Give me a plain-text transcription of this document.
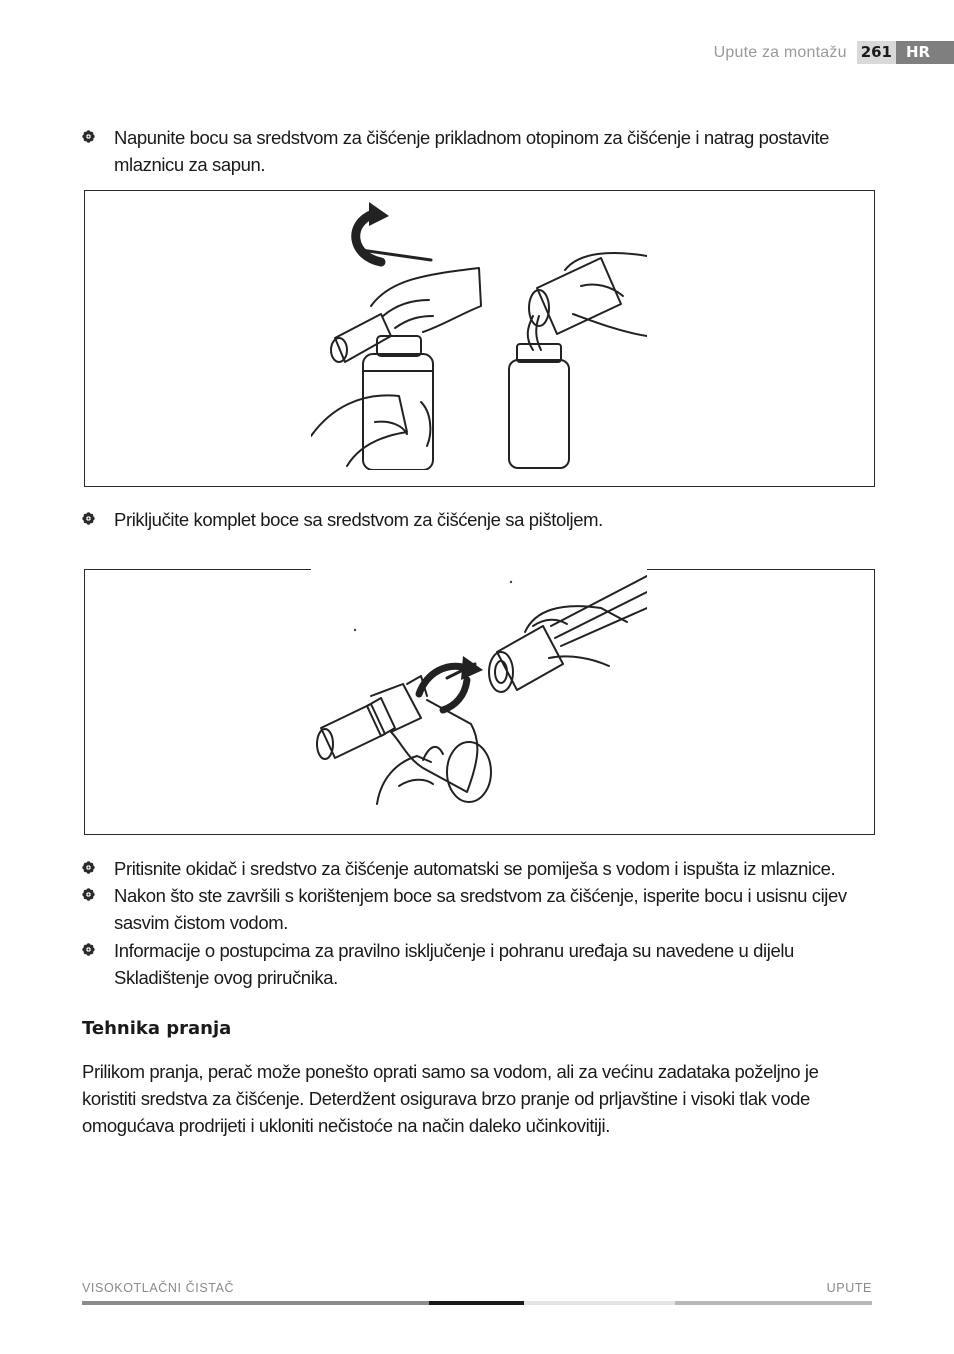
Upute za montažu 261 HR
Napunite bocu sa sredstvom za čišćenje prikladnom otopinom za čišćenje i natrag postavite mlaznicu za sapun.
Priključite komplet boce sa sredstvom za čišćenje sa pištoljem.
Pritisnite okidač i sredstvo za čišćenje automatski se pomiješa s vodom i ispušta iz mlaznice.
Nakon što ste završili s korištenjem boce sa sredstvom za čišćenje, isperite bocu i usisnu cijev sasvim čistom vodom.
Informacije o postupcima za pravilno isključenje i pohranu uređaja su navedene u dijelu Skladištenje ovog priručnika.
Tehnika pranja
Prilikom pranja, perač može ponešto oprati samo sa vodom, ali za većinu zadataka poželjno je koristiti sredstva za čišćenje. Deterdžent osigurava brzo pranje od prljavštine i visoki tlak vode omogućava prodrijeti i ukloniti nečistoće na način daleko učinkovitiji.
VISOKOTLAČNI ČISTAČ	UPUTE
